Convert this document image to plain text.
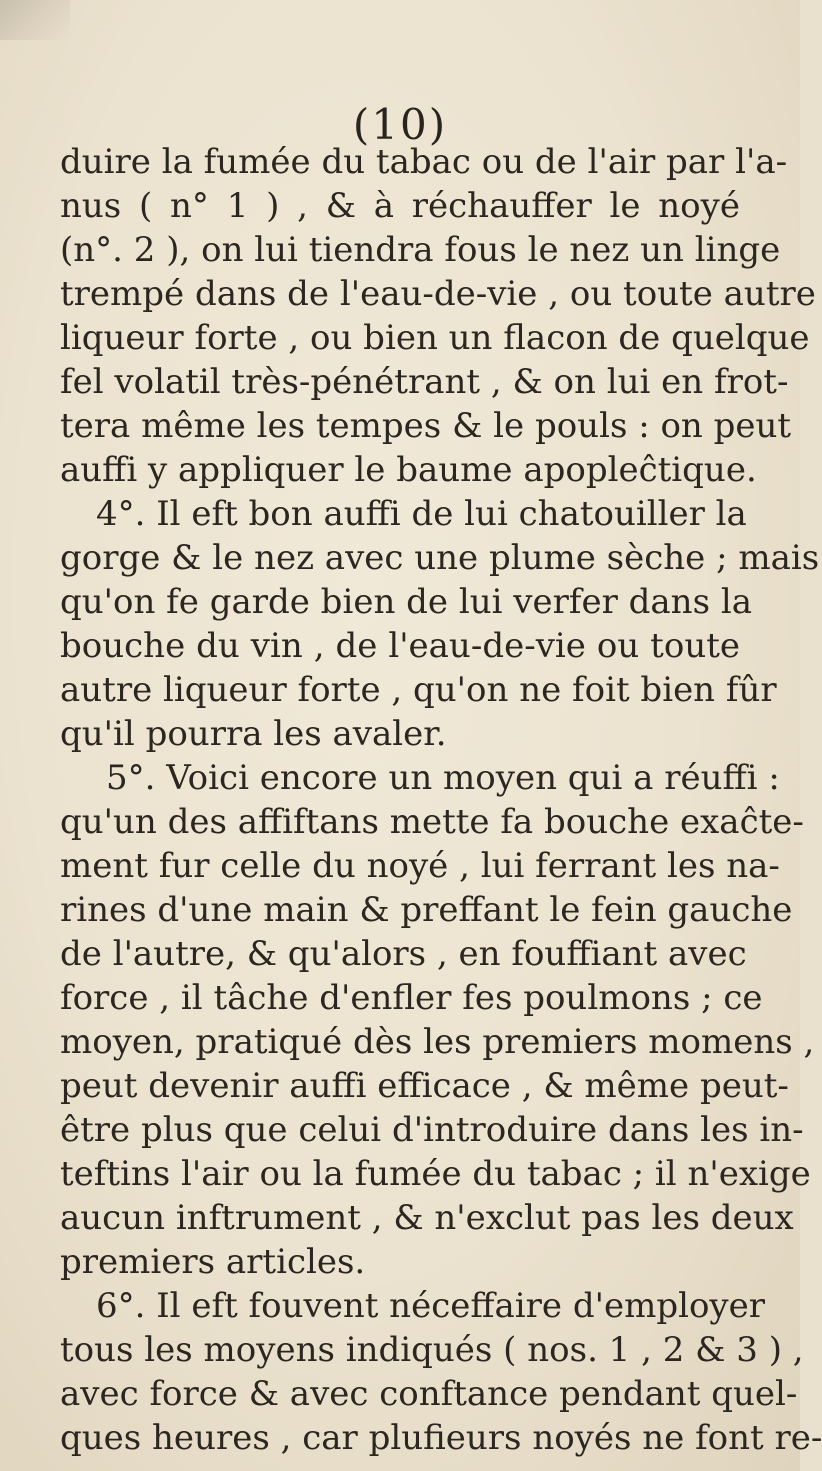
(10)
duire la fumée du tabac ou de l'air par l'a-
nus ( n° 1 ) , & à réchauffer le noyé
(n°. 2 ), on lui tiendra fous le nez un linge
trempé dans de l'eau-de-vie , ou toute autre
liqueur forte , ou bien un flacon de quelque
fel volatil très-pénétrant , & on lui en frot-
tera même les tempes & le pouls : on peut
auffi y appliquer le baume apopleĉtique.
4°. Il eft bon auffi de lui chatouiller la
gorge & le nez avec une plume sèche ; mais
qu'on fe garde bien de lui verfer dans la
bouche du vin , de l'eau-de-vie ou toute
autre liqueur forte , qu'on ne foit bien fûr
qu'il pourra les avaler.
5°. Voici encore un moyen qui a réuffi :
qu'un des affiftans mette fa bouche exaĉte-
ment fur celle du noyé , lui ferrant les na-
rines d'une main & preffant le fein gauche
de l'autre, & qu'alors , en fouffiant avec
force , il tâche d'enfler fes poulmons ; ce
moyen, pratiqué dès les premiers momens ,
peut devenir auffi efficace , & même peut-
être plus que celui d'introduire dans les in-
teftins l'air ou la fumée du tabac ; il n'exige
aucun inftrument , & n'exclut pas les deux
premiers articles.
6°. Il eft fouvent néceffaire d'employer
tous les moyens indiqués ( nos. 1 , 2 & 3 ) ,
avec force & avec conftance pendant quel-
ques heures , car plufieurs noyés ne font re-
